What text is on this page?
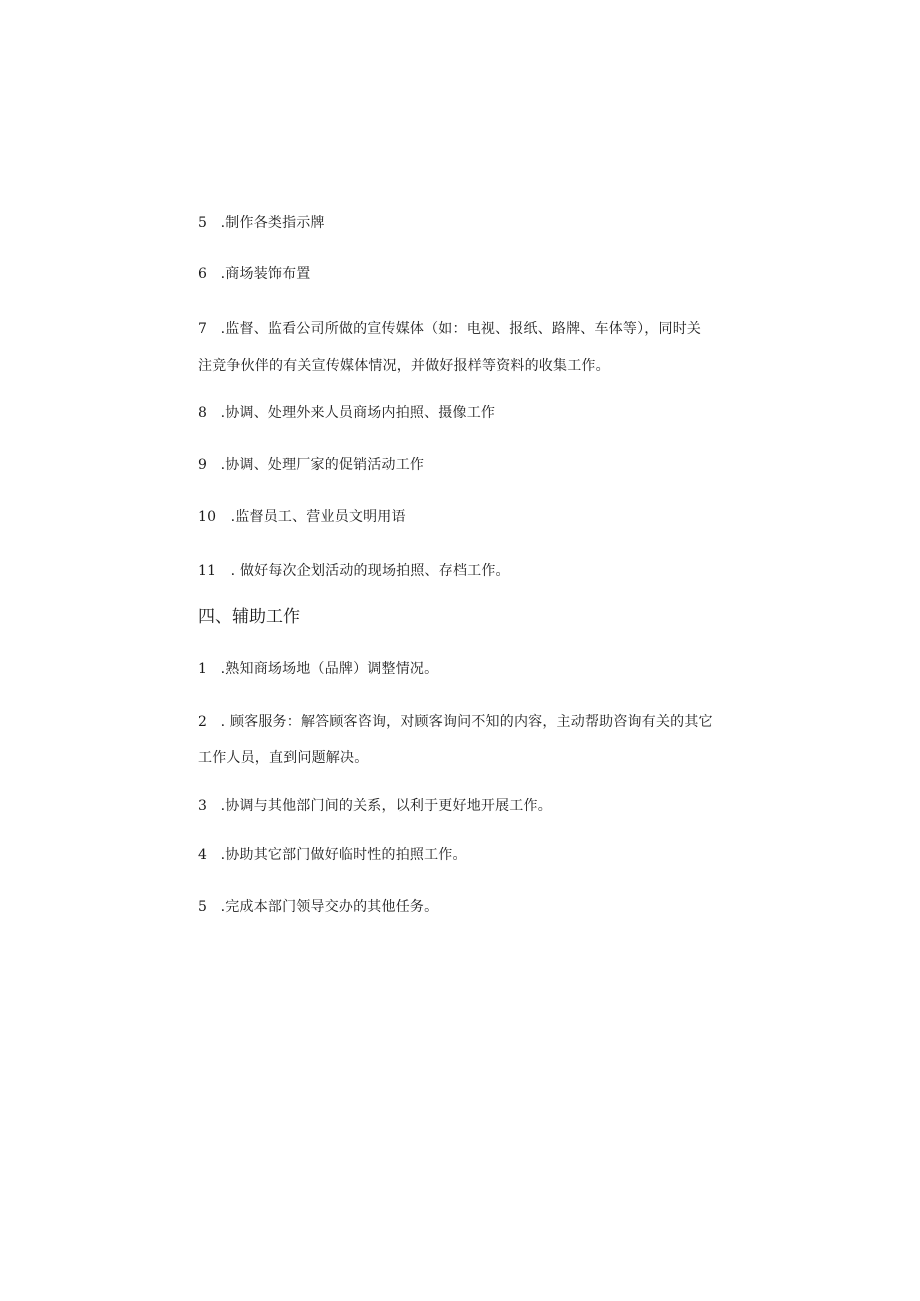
5 .制作各类指示牌
6 .商场装饰布置
7 .监督、监看公司所做的宣传媒体（如：电视、报纸、路牌、车体等），同时关
注竞争伙伴的有关宣传媒体情况，并做好报样等资料的收集工作。
8 .协调、处理外来人员商场内拍照、摄像工作
9 .协调、处理厂家的促销活动工作
10 .监督员工、营业员文明用语
11 . 做好每次企划活动的现场拍照、存档工作。
四、辅助工作
1 .熟知商场场地（品牌）调整情况。
2 . 顾客服务：解答顾客咨询，对顾客询问不知的内容，主动帮助咨询有关的其它
工作人员，直到问题解决。
3 .协调与其他部门间的关系，以利于更好地开展工作。
4 .协助其它部门做好临时性的拍照工作。
5 .完成本部门领导交办的其他任务。
